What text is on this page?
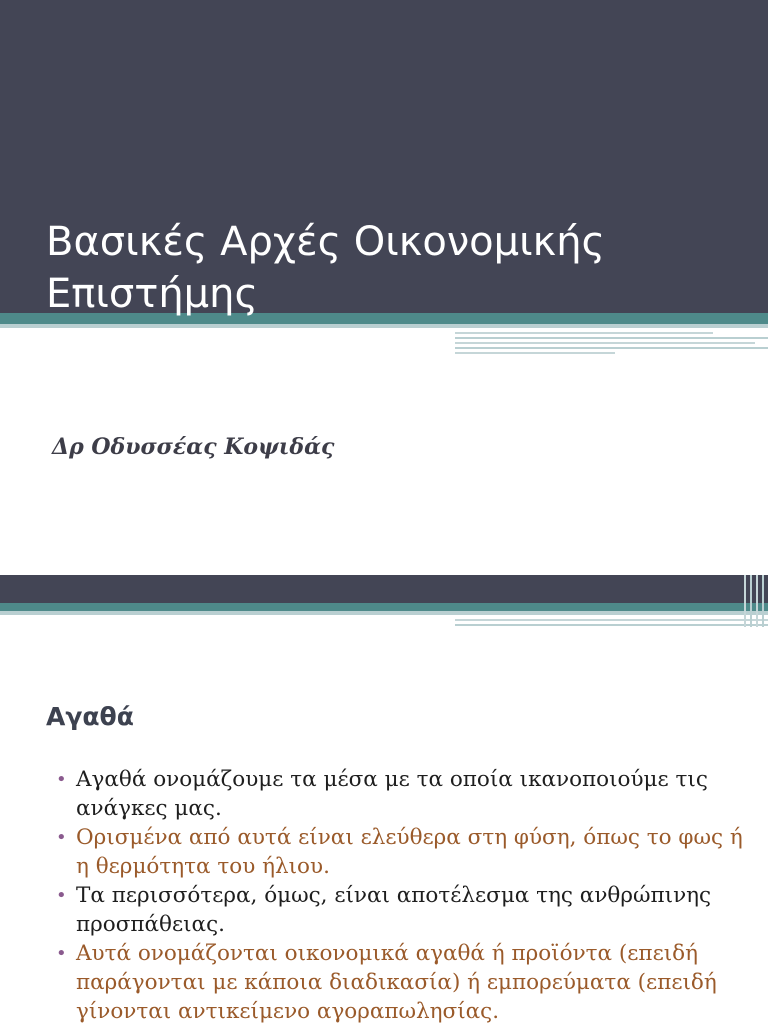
Βασικές Αρχές Οικονομικής
Επιστήμης

Δρ Οδυσσέας Κοψιδάς

Αγαθά
• Αγαθά ονομάζουμε τα μέσα με τα οποία ικανοποιούμε τις ανάγκες μας.
• Ορισμένα από αυτά είναι ελεύθερα στη φύση, όπως το φως ή η θερμότητα του ήλιου.
• Τα περισσότερα, όμως, είναι αποτέλεσμα της ανθρώπινης προσπάθειας.
• Αυτά ονομάζονται οικονομικά αγαθά ή προϊόντα (επειδή παράγονται με κάποια διαδικασία) ή εμπορεύματα (επειδή γίνονται αντικείμενο αγοραπωλησίας.
